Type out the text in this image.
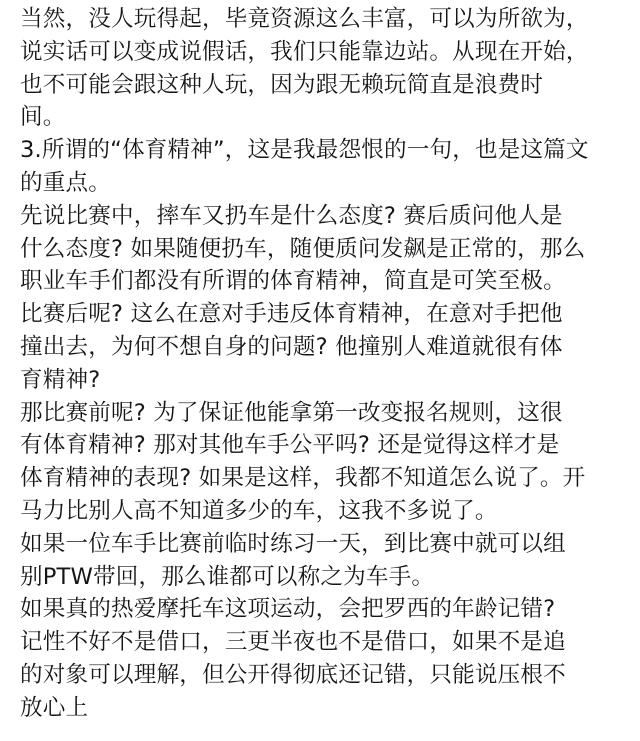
当然，没人玩得起，毕竟资源这么丰富，可以为所欲为，
说实话可以变成说假话，我们只能靠边站。从现在开始，
也不可能会跟这种人玩，因为跟无赖玩简直是浪费时
间。
3.所谓的“体育精神”，这是我最怨恨的一句，也是这篇文
的重点。
先说比赛中，摔车又扔车是什么态度? 赛后质问他人是
什么态度? 如果随便扔车，随便质问发飙是正常的，那么
职业车手们都没有所谓的体育精神，简直是可笑至极。
比赛后呢? 这么在意对手违反体育精神，在意对手把他
撞出去，为何不想自身的问题? 他撞别人难道就很有体
育精神?
那比赛前呢? 为了保证他能拿第一改变报名规则，这很
有体育精神? 那对其他车手公平吗? 还是觉得这样才是
体育精神的表现? 如果是这样，我都不知道怎么说了。开
马力比别人高不知道多少的车，这我不多说了。
如果一位车手比赛前临时练习一天，到比赛中就可以组
别PTW带回，那么谁都可以称之为车手。
如果真的热爱摩托车这项运动，会把罗西的年龄记错?
记性不好不是借口，三更半夜也不是借口，如果不是追
的对象可以理解，但公开得彻底还记错，只能说压根不
放心上
